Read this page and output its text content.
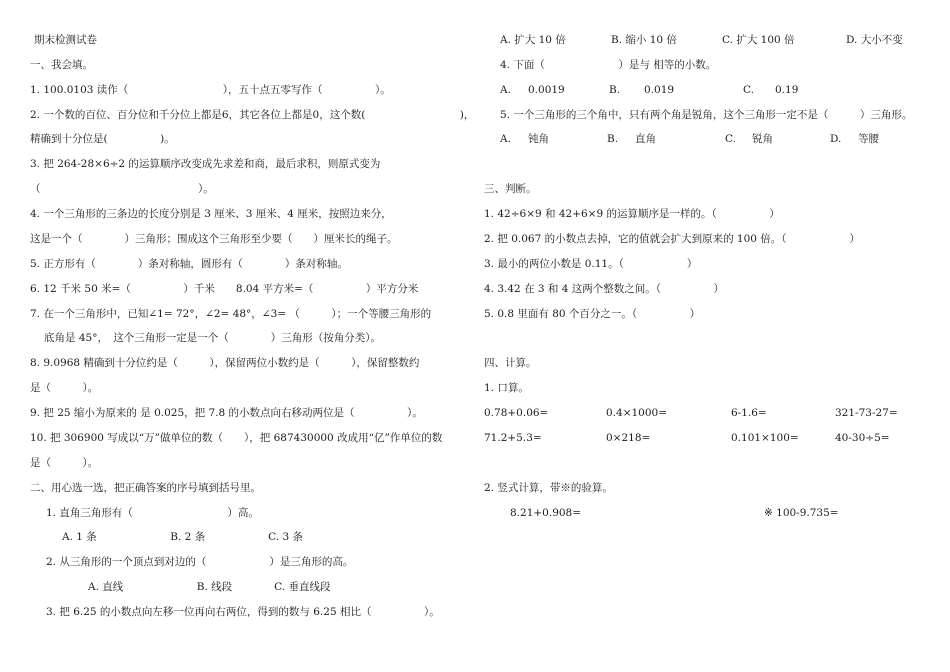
期末检测试卷
一、我会填。
1. 100.0103 读作（　　　　　　　　　），五十点五零写作（　　　　　）。
2. 一个数的百位、百分位和千分位上都是6，其它各位上都是0，这个数(　　　　　　　　　)，
精确到十分位是(　　　　　)。
3. 把 264-28×6÷2 的运算顺序改变成先求差和商，最后求积，则原式变为
（　　　　　　　　　　　　　　　）。
4. 一个三角形的三条边的长度分别是 3 厘米、3 厘米、4 厘米，按照边来分，
这是一个（　　　　）三角形；围成这个三角形至少要（　　）厘米长的绳子。
5. 正方形有（　　　　）条对称轴，圆形有（　　　　）条对称轴。
6. 12 千米 50 米=（　　　　　）千米　　8.04 平方米=（　　　　　）平方分米
7. 在一个三角形中，已知∠1= 72°，∠2= 48°，∠3= （　　　）；一个等腰三角形的
底角是 45°，　这个三角形一定是一个（　　　　）三角形（按角分类）。
8. 9.0968 精确到十分位约是（　　　），保留两位小数约是（　　　），保留整数约
是（　　　）。
9. 把 25 缩小为原来的 是 0.025，把 7.8 的小数点向右移动两位是（　　　　　）。
10. 把 306900 写成以“万”做单位的数（　　），把 687430000 改成用“亿”作单位的数
是（　　　）。
二、用心选一选，把正确答案的序号填到括号里。
1. 直角三角形有（　　　　　　　　　）高。
A. 1 条　　　　　　　B. 2 条　　　　　　C. 3 条
2. 从三角形的一个顶点到对边的（　　　　　　）是三角形的高。
A. 直线　　　　　　　B. 线段　　　　C. 垂直线段
3. 把 6.25 的小数点向左移一位再向右两位，得到的数与 6.25 相比（　　　　　）。
A. 扩大 10 倍	B. 缩小 10 倍	C. 扩大 100 倍	D. 大小不变
4. 下面（　　　　　　　）是与 相等的小数。
A. 0.0019	B. 0.019	C. 0.19
5. 一个三角形的三个角中，只有两个角是锐角，这个三角形一定不是（　　　）三角形。
A. 钝角	B. 直角	C. 锐角	D. 等腰
三、判断。
1. 42÷6×9 和 42+6×9 的运算顺序是一样的。（　　　　　）
2. 把 0.067 的小数点去掉，它的值就会扩大到原来的 100 倍。（　　　　　　）
3. 最小的两位小数是 0.11。（　　　　　　）
4. 3.42 在 3 和 4 这两个整数之间。（　　　　　）
5. 0.8 里面有 80 个百分之一。（　　　　　）
四、计算。
1. 口算。
0.78+0.06=	0.4×1000=	6-1.6=	321-73-27=
71.2+5.3=	0×218=	0.101×100=	40-30÷5=
2. 竖式计算，带※的验算。
8.21+0.908=	※ 100-9.735=
